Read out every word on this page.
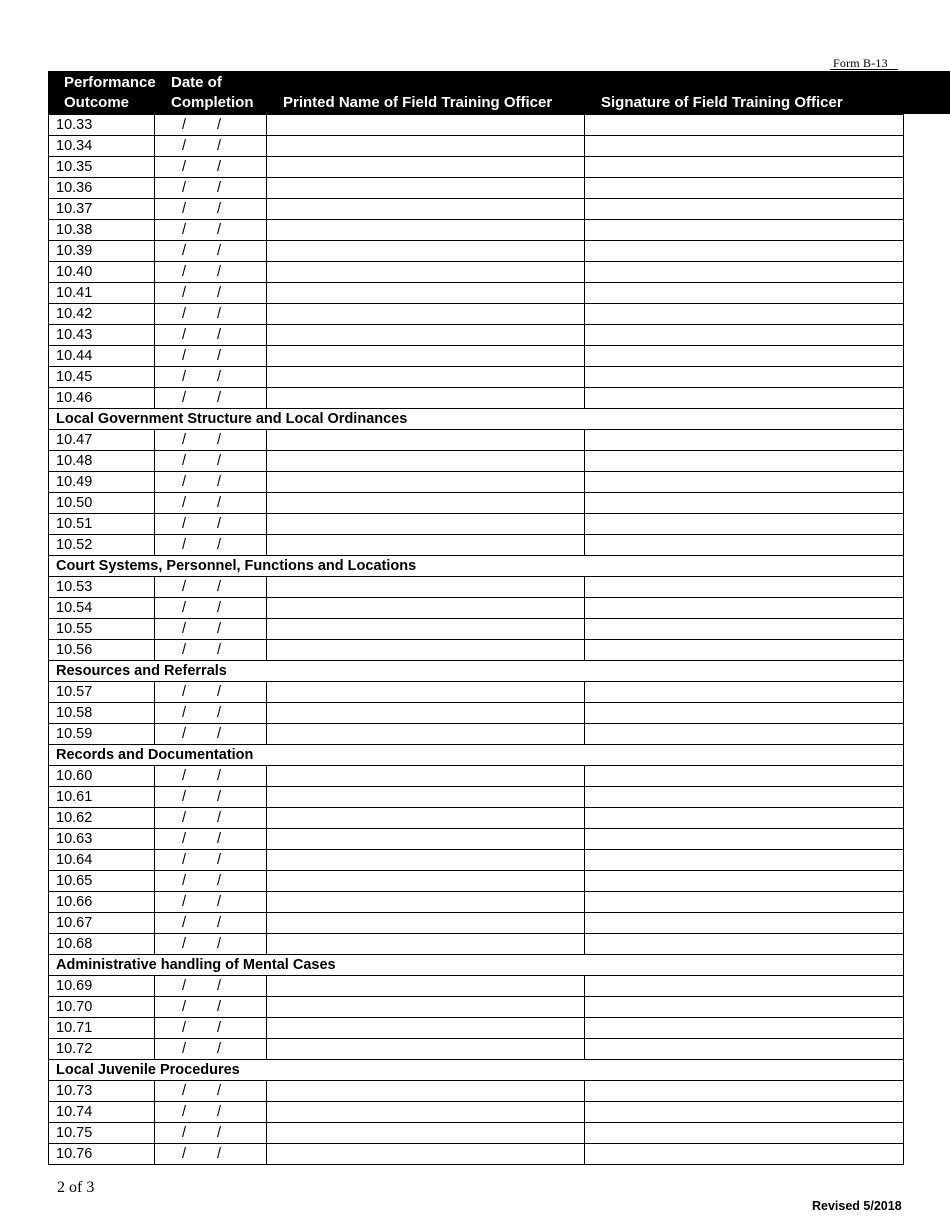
Form B-13
Performance
Outcome
Date of
Completion	Printed Name of Field Training Officer	Signature of Field Training Officer
10.33	/ /		
10.34	/ /		
10.35	/ /		
10.36	/ /		
10.37	/ /		
10.38	/ /		
10.39	/ /		
10.40	/ /		
10.41	/ /		
10.42	/ /		
10.43	/ /		
10.44	/ /		
10.45	/ /		
10.46	/ /		
Local Government Structure and Local Ordinances			
10.47	/ /		
10.48	/ /		
10.49	/ /		
10.50	/ /		
10.51	/ /		
10.52	/ /		
Court Systems, Personnel, Functions and Locations			
10.53	/ /		
10.54	/ /		
10.55	/ /		
10.56	/ /		
Resources and Referrals			
10.57	/ /		
10.58	/ /		
10.59	/ /		
Records and Documentation			
10.60	/ /		
10.61	/ /		
10.62	/ /		
10.63	/ /		
10.64	/ /		
10.65	/ /		
10.66	/ /		
10.67	/ /		
10.68	/ /		
Administrative handling of Mental Cases			
10.69	/ /		
10.70	/ /		
10.71	/ /		
10.72	/ /		
Local Juvenile Procedures			
10.73	/ /		
10.74	/ /		
10.75	/ /		
10.76	/ /		
2 of 3
Revised 5/2018
